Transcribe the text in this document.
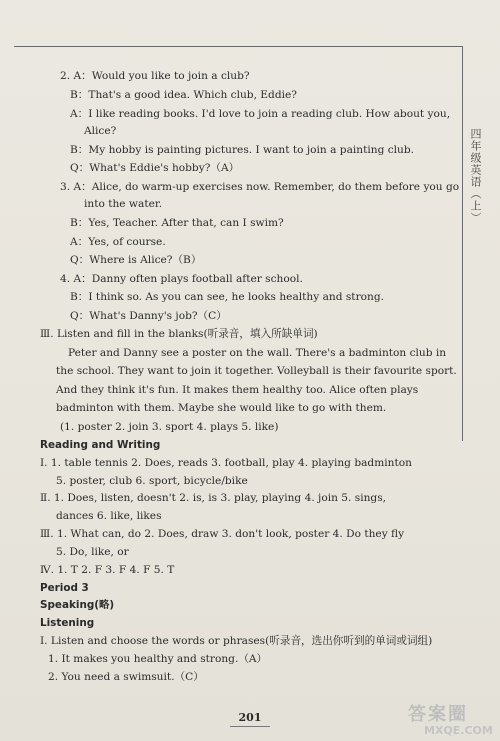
四年级英语（上）
2. A：Would you like to join a club?
B：That's a good idea. Which club, Eddie?
A：I like reading books. I'd love to join a reading club. How about you,
Alice?
B：My hobby is painting pictures. I want to join a painting club.
Q：What's Eddie's hobby?（A）
3. A：Alice, do warm-up exercises now. Remember, do them before you go
into the water.
B：Yes, Teacher. After that, can I swim?
A：Yes, of course.
Q：Where is Alice?（B）
4. A：Danny often plays football after school.
B：I think so. As you can see, he looks healthy and strong.
Q：What's Danny's job?（C）
Ⅲ. Listen and fill in the blanks(听录音，填入所缺单词)
Peter and Danny see a poster on the wall. There's a badminton club in
the school. They want to join it together. Volleyball is their favourite sport.
And they think it's fun. It makes them healthy too. Alice often plays
badminton with them. Maybe she would like to go with them.
(1. poster 2. join 3. sport 4. plays 5. like)
Reading and Writing
Ⅰ. 1. table tennis 2. Does, reads 3. football, play 4. playing badminton
5. poster, club 6. sport, bicycle/bike
Ⅱ. 1. Does, listen, doesn't 2. is, is 3. play, playing 4. join 5. sings,
dances 6. like, likes
Ⅲ. 1. What can, do 2. Does, draw 3. don't look, poster 4. Do they fly
5. Do, like, or
Ⅳ. 1. T 2. F 3. F 4. F 5. T
Period 3
Speaking(略)
Listening
Ⅰ. Listen and choose the words or phrases(听录音，选出你听到的单词或词组)
1. It makes you healthy and strong.（A）
2. You need a swimsuit.（C）
201	答案圈
MXQE.COM
